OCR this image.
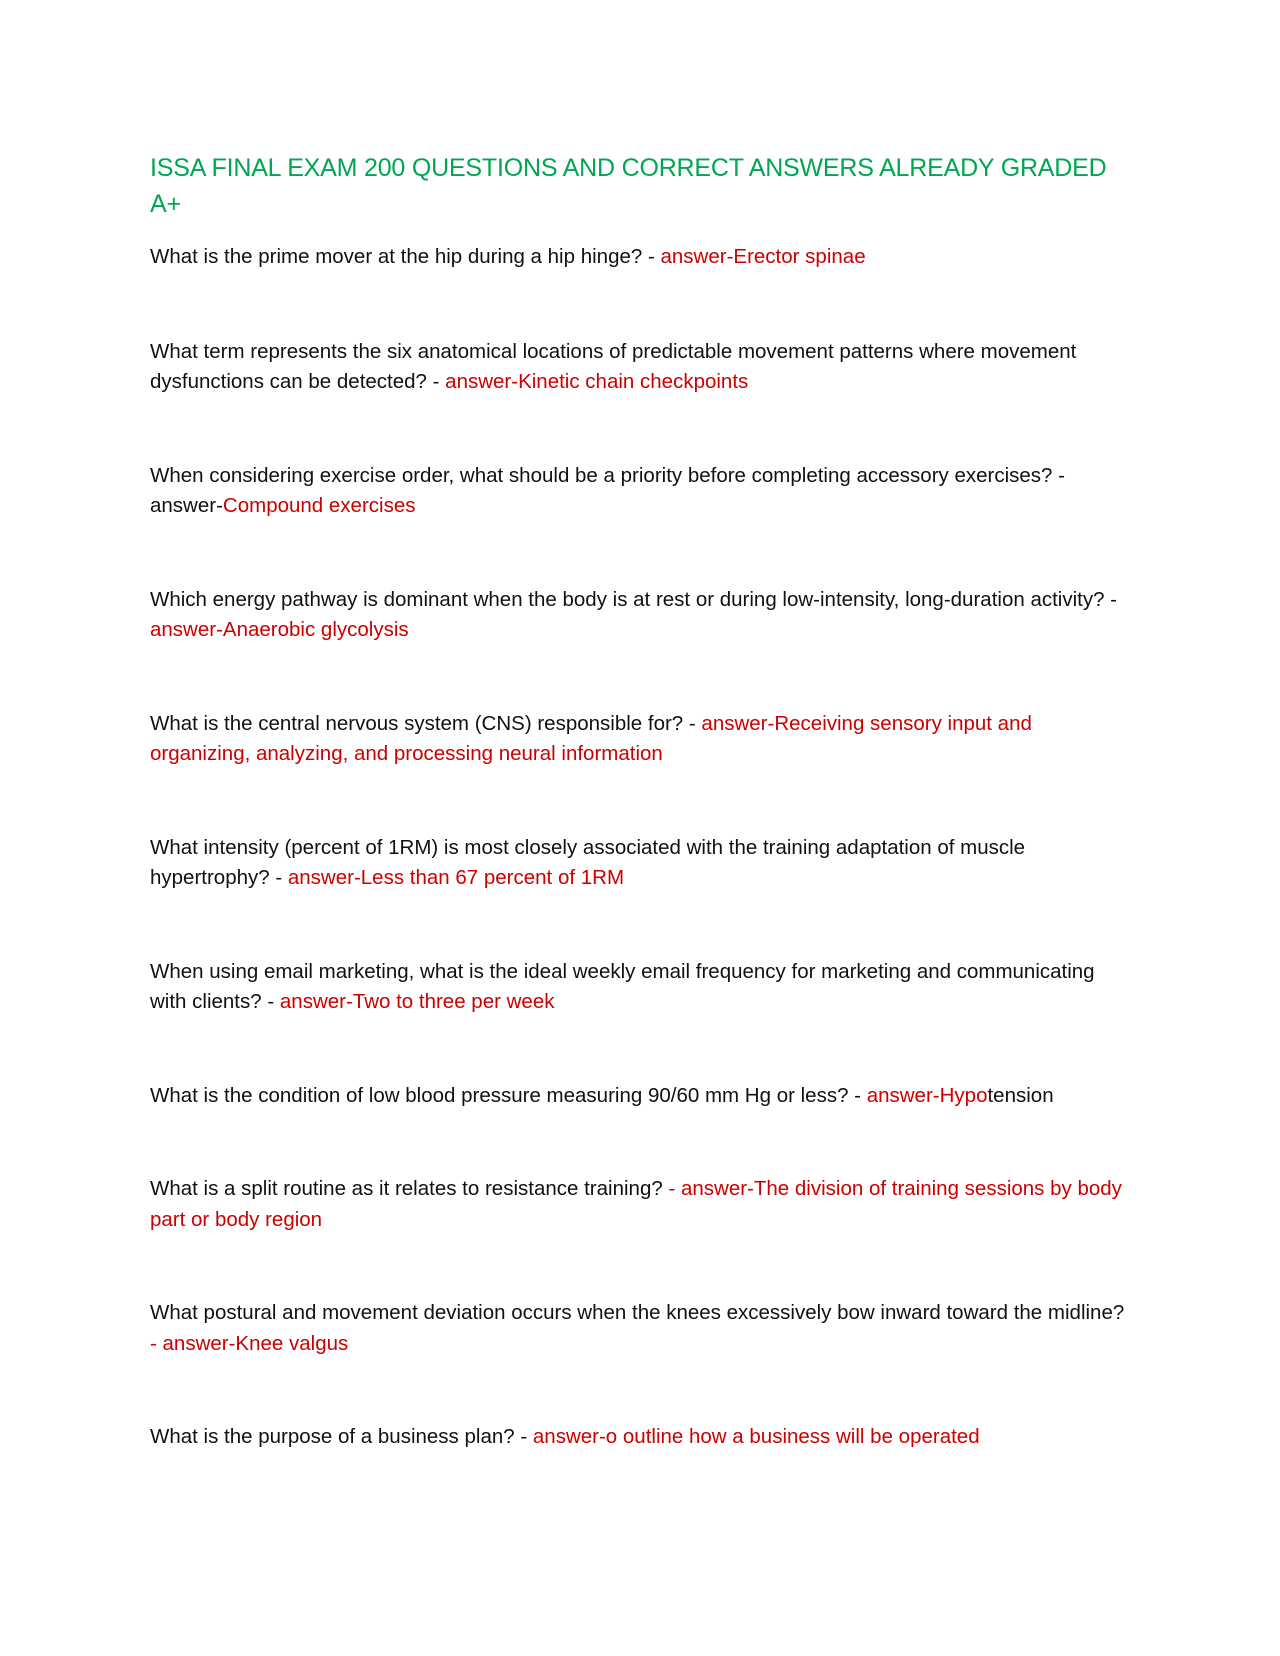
ISSA FINAL EXAM 200 QUESTIONS AND CORRECT ANSWERS ALREADY GRADED A+

What is the prime mover at the hip during a hip hinge? - answer-Erector spinae

What term represents the six anatomical locations of predictable movement patterns where movement dysfunctions can be detected? - answer-Kinetic chain checkpoints

When considering exercise order, what should be a priority before completing accessory exercises? - answer-Compound exercises

Which energy pathway is dominant when the body is at rest or during low-intensity, long-duration activity? - answer-Anaerobic glycolysis

What is the central nervous system (CNS) responsible for? - answer-Receiving sensory input and organizing, analyzing, and processing neural information

What intensity (percent of 1RM) is most closely associated with the training adaptation of muscle hypertrophy? - answer-Less than 67 percent of 1RM

When using email marketing, what is the ideal weekly email frequency for marketing and communicating with clients? - answer-Two to three per week

What is the condition of low blood pressure measuring 90/60 mm Hg or less? - answer-Hypotension

What is a split routine as it relates to resistance training? - answer-The division of training sessions by body part or body region

What postural and movement deviation occurs when the knees excessively bow inward toward the midline? - answer-Knee valgus

What is the purpose of a business plan? - answer-o outline how a business will be operated
